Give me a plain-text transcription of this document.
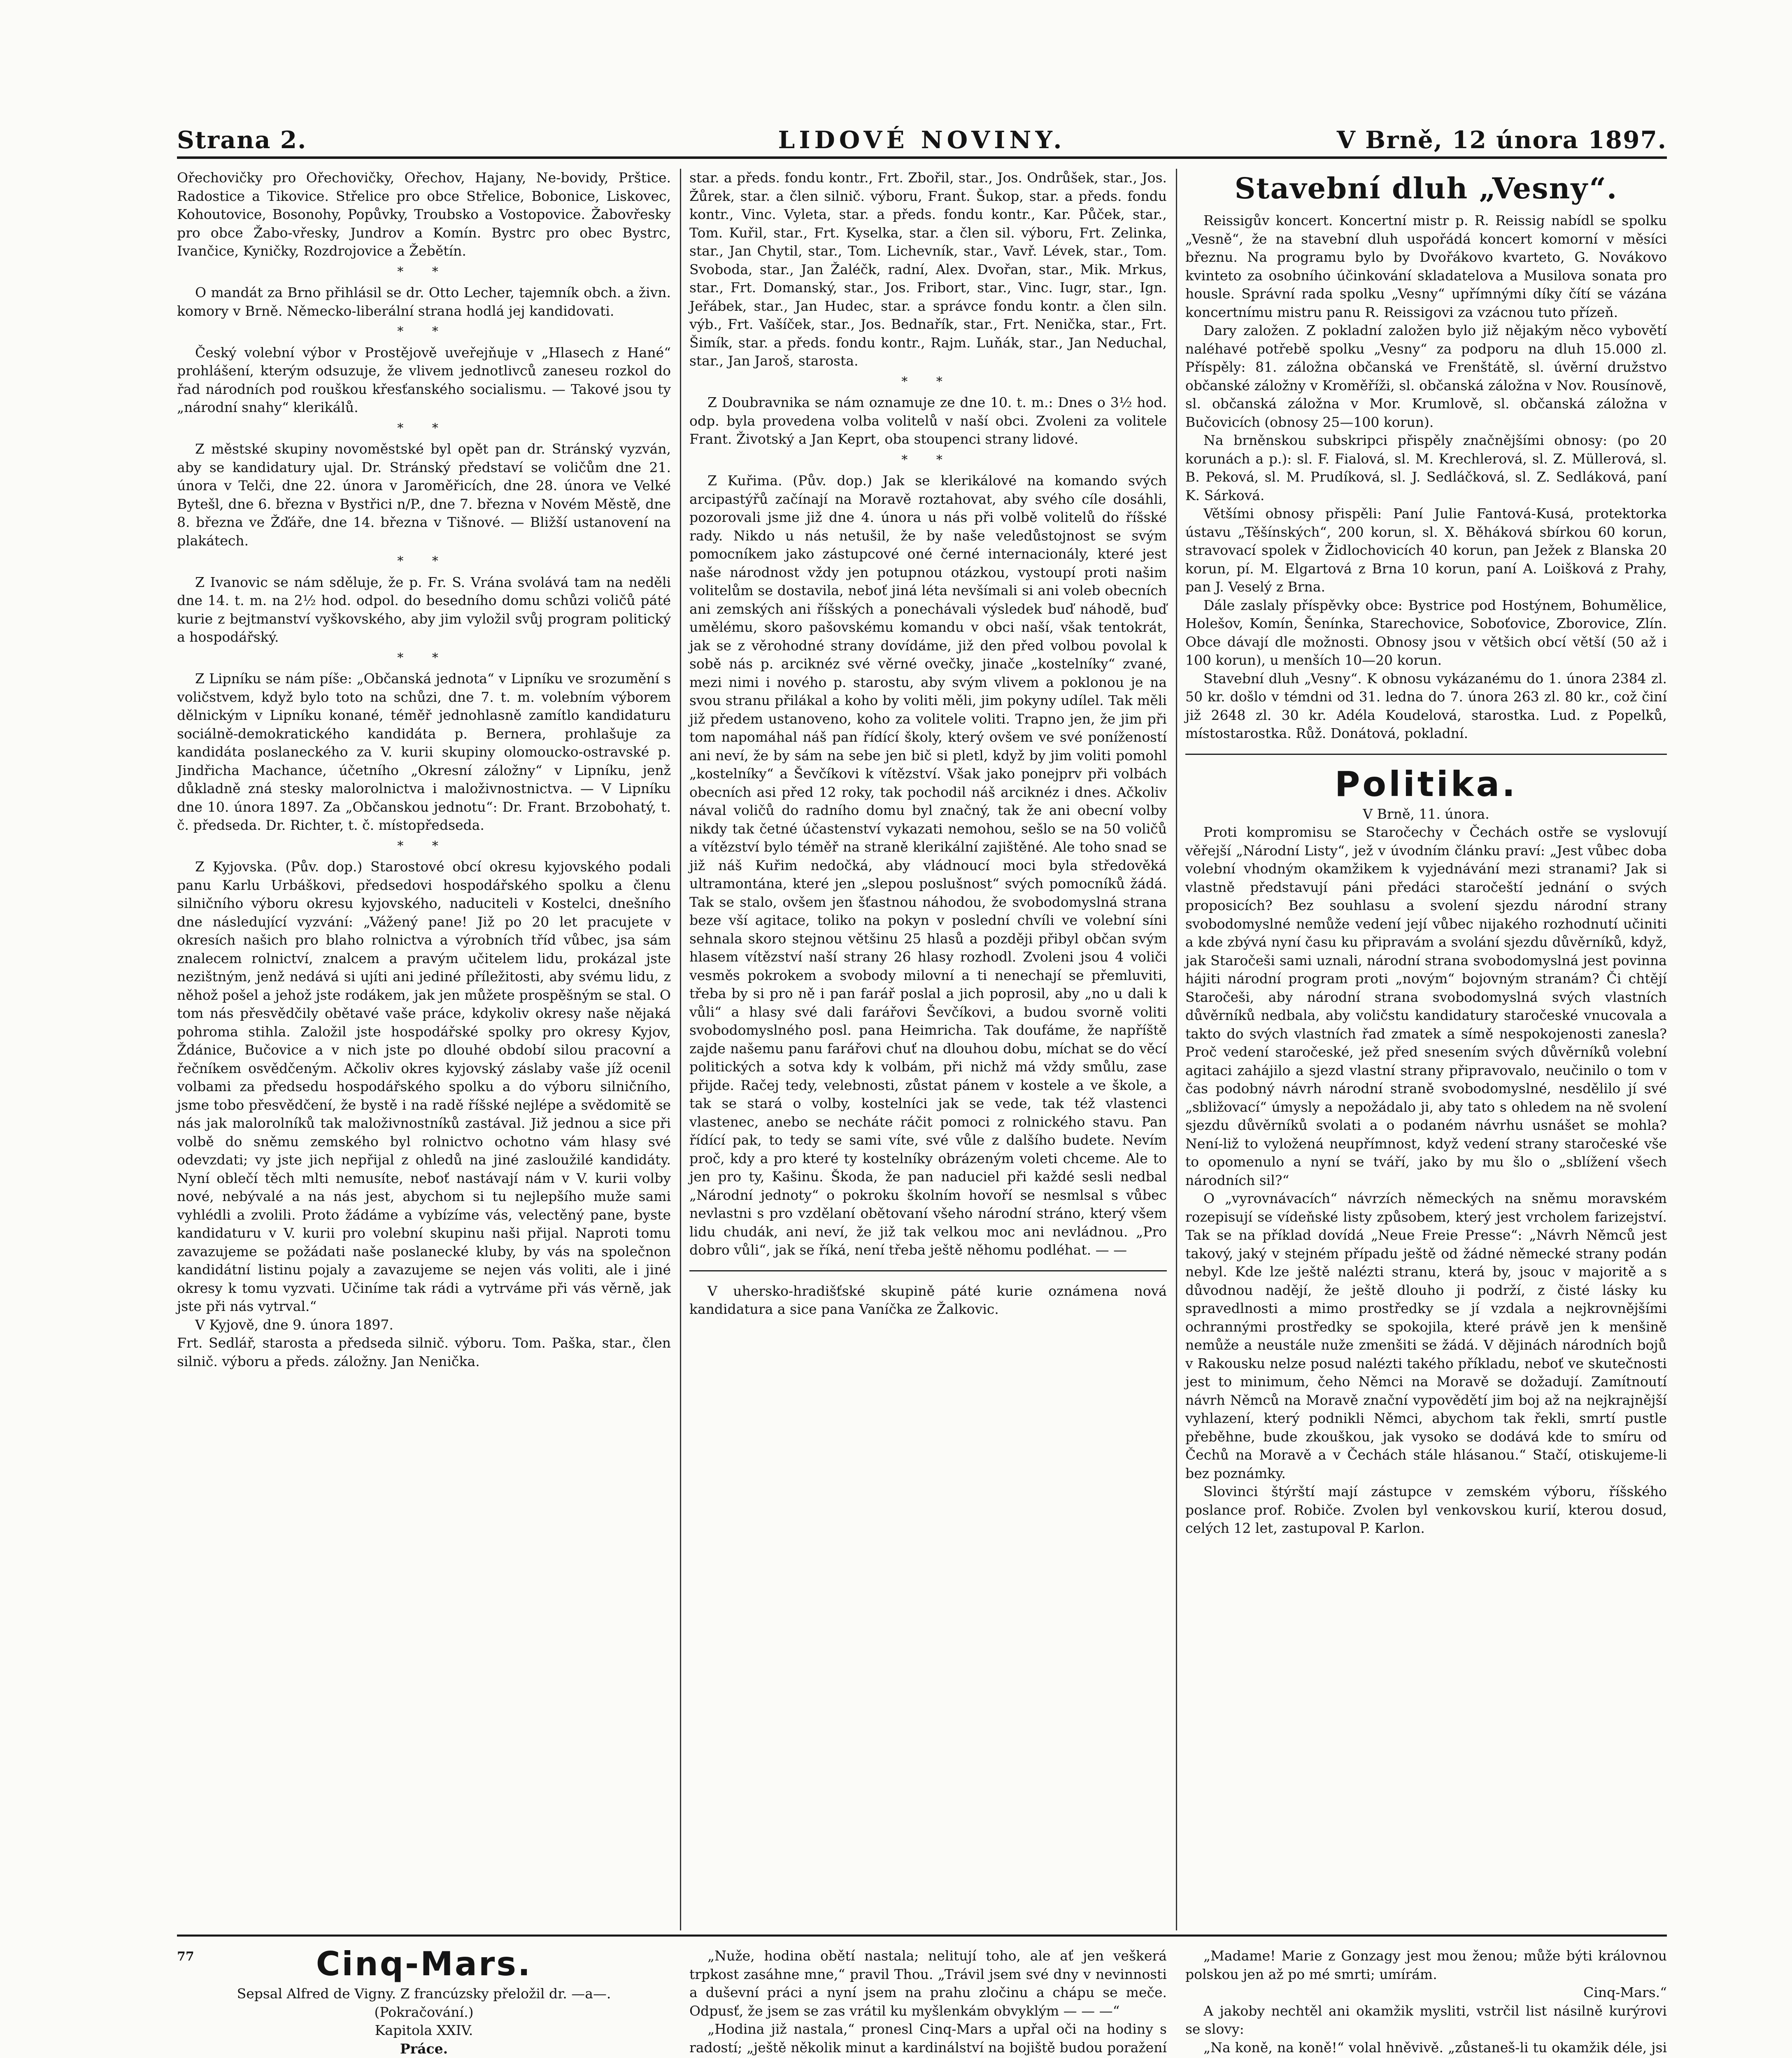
Strana 2.	LIDOVÉ NOVINY.	V Brně, 12 února 1897.

Ořechovičky pro Ořechovičky, Ořechov, Hajany, Ne-bovidy, Prštice. Radostice a Tikovice. Střelice pro obce Střelice, Bobonice, Liskovec, Kohoutovice, Bosonohy, Popůvky, Troubsko a Vostopovice. Žabovřesky pro obce Žabo-vřesky, Jundrov a Komín. Bystrc pro obec Bystrc, Ivančice, Kyničky, Rozdrojovice a Žebětín.

* *

O mandát za Brno přihlásil se dr. Otto Lecher, tajemník obch. a živn. komory v Brně. Německo-liberální strana hodlá jej kandidovati.

* *

Český volební výbor v Prostějově uveřejňuje v „Hlasech z Hané“ prohlášení, kterým odsuzuje, že vlivem jednotlivců zaneseu rozkol do řad národních pod rouškou křesťanského socialismu. — Takové jsou ty „národní snahy“ klerikálů.

* *

Z městské skupiny novoměstské byl opět pan dr. Stránský vyzván, aby se kandidatury ujal. Dr. Stránský představí se voličům dne 21. února v Telči, dne 22. února v Jaroměřicích, dne 28. února ve Velké Bytešl, dne 6. března v Bystřici n/P., dne 7. března v Novém Městě, dne 8. března ve Žďáře, dne 14. března v Tišnové. — Bližší ustanovení na plakátech.

* *

Z Ivanovic se nám sděluje, že p. Fr. S. Vrána svolává tam na neděli dne 14. t. m. na 2½ hod. odpol. do besedního domu schůzi voličů páté kurie z bejtmanství vyškovského, aby jim vyložil svůj program politický a hospodářský.

* *

Z Lipníku se nám píše: „Občanská jednota“ v Lipníku ve srozumění s voličstvem, když bylo toto na schůzi, dne 7. t. m. volebním výborem dělnickým v Lipníku konané, téměř jednohlasně zamítlo kandidaturu sociálně-demokratického kandidáta p. Bernera, prohlašuje za kandidáta poslaneckého za V. kurii skupiny olomoucko-ostravské p. Jindřicha Machance, účetního „Okresní záložny“ v Lipníku, jenž důkladně zná stesky malorolnictva i maloživnostnictva. — V Lipníku dne 10. února 1897. Za „Občanskou jednotu“: Dr. Frant. Brzobohatý, t. č. předseda. Dr. Richter, t. č. místopředseda.

* *

Z Kyjovska. (Pův. dop.) Starostové obcí okresu kyjovského podali panu Karlu Urbáškovi, předsedovi hospodářského spolku a členu silničního výboru okresu kyjovského, naduciteli v Kostelci, dnešního dne následující vyzvání: „Vážený pane! Již po 20 let pracujete v okresích našich pro blaho rolnictva a výrobních tříd vůbec, jsa sám znalecem rolnictví, znalcem a pravým učitelem lidu, prokázal jste nezištným, jenž nedává si ujíti ani jediné příležitosti, aby svému lidu, z něhož pošel a jehož jste rodákem, jak jen můžete prospěšným se stal. O tom nás přesvědčily obětavé vaše práce, kdykoliv okresy naše nějaká pohroma stihla. Založil jste hospodářské spolky pro okresy Kyjov, Ždánice, Bučovice a v nich jste po dlouhé období silou pracovní a řečníkem osvědčeným. Ačkoliv okres kyjovský záslaby vaše jíž ocenil volbami za předsedu hospodářského spolku a do výboru silničního, jsme tobo přesvědčení, že bystě i na radě říšské nejlépe a svědomitě se nás jak malorolníků tak maloživnostníků zastával. Již jednou a sice při volbě do sněmu zemského byl rolnictvo ochotno vám hlasy své odevzdati; vy jste jich nepřijal z ohledů na jiné zasloužilé kandidáty. Nyní oblečí těch mlti nemusíte, neboť nastávají nám v V. kurii volby nové, nebývalé a na nás jest, abychom si tu nejlepšího muže sami vyhlédli a zvolili. Proto žádáme a vybízíme vás, velectěný pane, byste kandidaturu v V. kurii pro volební skupinu naši přijal. Naproti tomu zavazujeme se požádati naše poslanecké kluby, by vás na společnon kandidátní listinu pojaly a zavazujeme se nejen vás voliti, ale i jiné okresy k tomu vyzvati. Učiníme tak rádi a vytrváme při vás věrně, jak jste při nás vytrval.“

V Kyjově, dne 9. února 1897.

Frt. Sedlář, starosta a předseda silnič. výboru. Tom. Paška, star., člen silnič. výboru a předs. záložny. Jan Nenička.

star. a předs. fondu kontr., Frt. Zbořil, star., Jos. Ondrůšek, star., Jos. Žůrek, star. a člen silnič. výboru, Frant. Šukop, star. a předs. fondu kontr., Vinc. Vyleta, star. a předs. fondu kontr., Kar. Půček, star., Tom. Kuřil, star., Frt. Kyselka, star. a člen sil. výboru, Frt. Zelinka, star., Jan Chytil, star., Tom. Lichevník, star., Vavř. Lévek, star., Tom. Svoboda, star., Jan Žaléčk, radní, Alex. Dvořan, star., Mik. Mrkus, star., Frt. Domanský, star., Jos. Fribort, star., Vinc. Iugr, star., Ign. Jeřábek, star., Jan Hudec, star. a správce fondu kontr. a člen siln. výb., Frt. Vašíček, star., Jos. Bednařík, star., Frt. Nenička, star., Frt. Šimík, star. a předs. fondu kontr., Rajm. Luňák, star., Jan Neduchal, star., Jan Jaroš, starosta.

* *

Z Doubravnika se nám oznamuje ze dne 10. t. m.: Dnes o 3½ hod. odp. byla provedena volba volitelů v naší obci. Zvoleni za volitele Frant. Životský a Jan Keprt, oba stoupenci strany lidové.

* *

Z Kuřima. (Pův. dop.) Jak se klerikálové na komando svých arcipastýřů začínají na Moravě roztahovat, aby svého cíle dosáhli, pozorovali jsme již dne 4. února u nás při volbě volitelů do říšské rady. Nikdo u nás netušil, že by naše veledůstojnost se svým pomocníkem jako zástupcové oné černé internacionály, které jest naše národnost vždy jen potupnou otázkou, vystoupí proti našim volitelům se dostavila, neboť jiná léta nevšímali si ani voleb obecních ani zemských ani říšských a ponechávali výsledek buď náhodě, buď umělému, skoro pašovskému komandu v obci naší, však tentokrát, jak se z věrohodné strany dovídáme, již den před volbou povolal k sobě nás p. arciknéz své věrné ovečky, jinače „kostelníky“ zvané, mezi nimi i nového p. starostu, aby svým vlivem a poklonou je na svou stranu přilákal a koho by voliti měli, jim pokyny udílel. Tak měli již předem ustanoveno, koho za volitele voliti. Trapno jen, že jim při tom napomáhal náš pan řídící školy, který ovšem ve své ponížeností ani neví, že by sám na sebe jen bič si pletl, když by jim voliti pomohl „kostelníky“ a Ševčíkovi k vítězství. Však jako ponejprv při volbách obecních asi před 12 roky, tak pochodil náš arciknéz i dnes. Ačkoliv nával voličů do radního domu byl značný, tak že ani obecní volby nikdy tak četné účastenství vykazati nemohou, sešlo se na 50 voličů a vítězství bylo téměř na straně klerikální zajištěné. Ale toho snad se již náš Kuřim nedočká, aby vládnoucí moci byla středověká ultramontána, které jen „slepou poslušnost“ svých pomocníků žádá. Tak se stalo, ovšem jen šťastnou náhodou, že svobodomyslná strana beze vší agitace, toliko na pokyn v poslední chvíli ve volební síni sehnala skoro stejnou většinu 25 hlasů a později přibyl občan svým hlasem vítězství naší strany 26 hlasy rozhodl. Zvoleni jsou 4 voliči vesměs pokrokem a svobody milovní a ti nenechají se přemluviti, třeba by si pro ně i pan farář poslal a jich poprosil, aby „no u dali k vůli“ a hlasy své dali farářovi Ševčíkovi, a budou svorně voliti svobodomyslného posl. pana Heimricha. Tak doufáme, že napříště zajde našemu panu farářovi chuť na dlouhou dobu, míchat se do věcí politických a sotva kdy k volbám, při nichž má vždy smůlu, zase přijde. Račej tedy, velebnosti, zůstat pánem v kostele a ve škole, a tak se stará o volby, kostelníci jak se vede, tak též vlastenci vlastenec, anebo se necháte ráčit pomoci z rolnického stavu. Pan řídící pak, to tedy se sami víte, své vůle z dalšího budete. Nevím proč, kdy a pro které ty kostelníky obrázeným voleti chceme. Ale to jen pro ty, Kašinu. Škoda, že pan naduciel při každé sesli nedbal „Národní jednoty“ o pokroku školním hovoří se nesmlsal s vůbec nevlastni s pro vzdělaní obětovaní všeho národní stráno, který všem lidu chudák, ani neví, že již tak velkou moc ani nevládnou. „Pro dobro vůli“, jak se říká, není třeba ještě něhomu podléhat. — —

V uhersko-hradišťské skupině páté kurie oznámena nová kandidatura a sice pana Vaníčka ze Žalkovic.

Stavební dluh „Vesny“.

Reissigův koncert. Koncertní mistr p. R. Reissig nabídl se spolku „Vesně“, že na stavební dluh uspořádá koncert komorní v měsíci březnu. Na programu bylo by Dvořákovo kvarteto, G. Novákovo kvinteto za osobního účinkování skladatelova a Musilova sonata pro housle. Správní rada spolku „Vesny“ upřímnými díky čítí se vázána koncertnímu mistru panu R. Reissigovi za vzácnou tuto přízeň.

Dary založen. Z pokladní založen bylo již nějakým něco vybovětí naléhavé potřebě spolku „Vesny“ za podporu na dluh 15.000 zl. Příspěly: 81. záložna občanská ve Frenštátě, sl. úvěrní družstvo občanské záložny v Kroměříži, sl. občanská záložna v Nov. Rousínově, sl. občanská záložna v Mor. Krumlově, sl. občanská záložna v Bučovicích (obnosy 25—100 korun).

Na brněnskou subskripci přispěly značnějšími obnosy: (po 20 korunách a p.): sl. F. Fialová, sl. M. Krechlerová, sl. Z. Müllerová, sl. B. Peková, sl. M. Prudíková, sl. J. Sedláčková, sl. Z. Sedláková, paní K. Sárková.

Většími obnosy přispěli: Paní Julie Fantová-Kusá, protektorka ústavu „Těšínských“, 200 korun, sl. X. Běháková sbírkou 60 korun, stravovací spolek v Židlochovicích 40 korun, pan Ježek z Blanska 20 korun, pí. M. Elgartová z Brna 10 korun, paní A. Loišková z Prahy, pan J. Veselý z Brna.

Dále zaslaly příspěvky obce: Bystrice pod Hostýnem, Bohumělice, Holešov, Komín, Šenínka, Starechovice, Soboťovice, Zborovice, Zlín. Obce dávají dle možnosti. Obnosy jsou v většich obcí větší (50 až i 100 korun), u menších 10—20 korun.

Stavební dluh „Vesny“. K obnosu vykázanému do 1. února 2384 zl. 50 kr. došlo v témdni od 31. ledna do 7. února 263 zl. 80 kr., což činí již 2648 zl. 30 kr. Adéla Koudelová, starostka. Lud. z Popelků, místostarostka. Růž. Donátová, pokladní.

Politika.

V Brně, 11. února.

Proti kompromisu se Staročechy v Čechách ostře se vyslovují věřejší „Národní Listy“, jež v úvodním článku praví: „Jest vůbec doba volební vhodným okamžikem k vyjednávání mezi stranami? Jak si vlastně představují páni předáci staročeští jednání o svých proposicích? Bez souhlasu a svolení sjezdu národní strany svobodomyslné nemůže vedení její vůbec nijakého rozhodnutí učiniti a kde zbývá nyní času ku připravám a svolání sjezdu důvěrníků, když, jak Staročeši sami uznali, národní strana svobodomyslná jest povinna hájiti národní program proti „novým“ bojovným stranám? Či chtějí Staročeši, aby národní strana svobodomyslná svých vlastních důvěrníků nedbala, aby voličstu kandidatury staročeské vnucovala a takto do svých vlastních řad zmatek a símě nespokojenosti zanesla? Proč vedení staročeské, jež před snesením svých důvěrníků volební agitaci zahájilo a sjezd vlastní strany připravovalo, neučinilo o tom v čas podobný návrh národní straně svobodomyslné, nesdělilo jí své „sbližovací“ úmysly a nepožádalo ji, aby tato s ohledem na ně svolení sjezdu důvěrníků svolati a o podaném návrhu usnášet se mohla? Není-liž to vyložená neupřímnost, když vedení strany staročeské vše to opomenulo a nyní se tváří, jako by mu šlo o „sblížení všech národních sil?“

O „vyrovnávacích“ návrzích německých na sněmu moravském rozepisují se vídeňské listy způsobem, který jest vrcholem farizejství. Tak se na příklad dovídá „Neue Freie Presse“: „Návrh Němců jest takový, jaký v stejném případu ještě od žádné německé strany podán nebyl. Kde lze ještě nalézti stranu, která by, jsouc v majoritě a s důvodnou nadějí, že ještě dlouho ji podrží, z čisté lásky ku spravedlnosti a mimo prostředky se jí vzdala a nejkrovnějšími ochrannými prostředky se spokojila, které právě jen k menšině nemůže a neustále nuže zmenšiti se žádá. V dějinách národních bojů v Rakousku nelze posud nalézti takého příkladu, neboť ve skutečnosti jest to minimum, čeho Němci na Moravě se dožadují. Zamítnoutí návrh Němců na Moravě znační vypovědětí jim boj až na nejkrajnější vyhlazení, který podnikli Němci, abychom tak řekli, smrtí pustle přeběhne, bude zkouškou, jak vysoko se dodává kde to smíru od Čechů na Moravě a v Čechách stále hlásanou.“ Stačí, otiskujeme-li bez poznámky.

Slovinci štýrští mají zástupce v zemském výboru, říšského poslance prof. Robiče. Zvolen byl venkovskou kurií, kterou dosud, celých 12 let, zastupoval P. Karlon.

77	Cinq-Mars.

Sepsal Alfred de Vigny. Z francúzsky přeložil dr. —a—.

(Pokračování.)

Kapitola XXIV.

Práce.

„Nuže, hodina obětí nastala; nelitují toho, ale ať jen veškerá trpkost zasáhne mne,“ pravil Thou. „Trávil jsem své dny v nevinnosti a duševní práci a nyní jsem na prahu zločinu a chápu se meče. Odpusť, že jsem se zas vrátil ku myšlenkám obvyklým — — —“

„Hodina již nastala,“ pronesl Cinq-Mars a upřal oči na hodiny s radostí; „ještě několik minut a kardinálství na bojiště budou poražení

„Madame! Marie z Gonzagy jest mou ženou; může býti královnou polskou jen až po mé smrti; umírám.

Cinq-Mars.“

A jakoby nechtěl ani okamžik mysliti, vstrčil list násilně kurýrovi se slovy:

„Na koně, na koně!“ volal hněvivě. „zůstaneš-li tu okamžik déle, jsi
